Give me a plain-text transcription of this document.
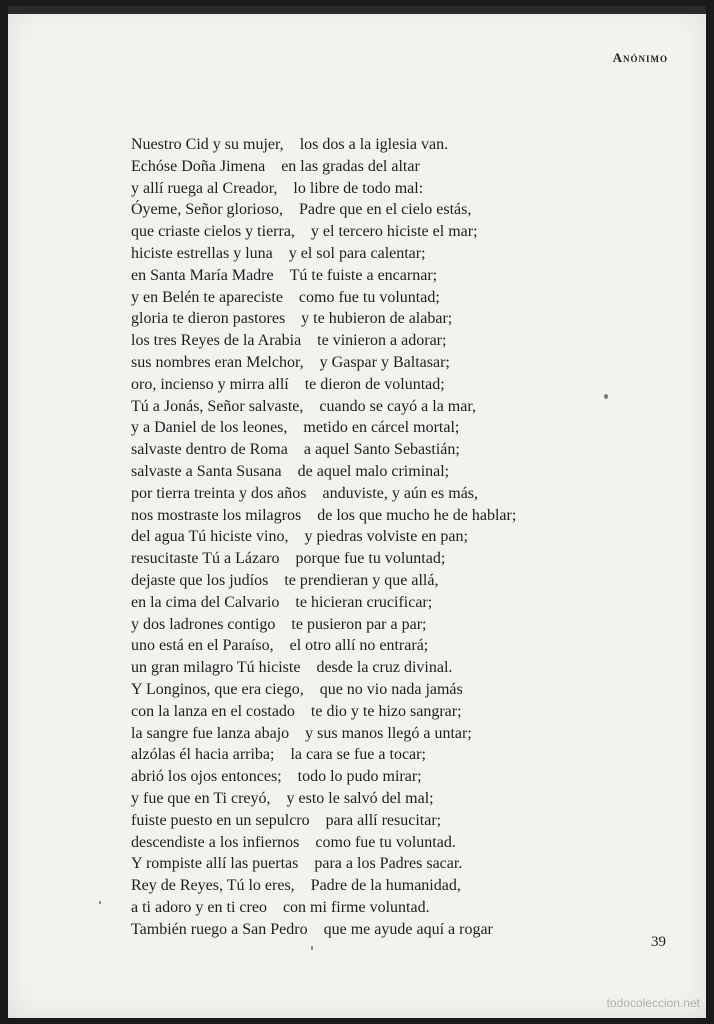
Anónimo
Nuestro Cid y su mujer, los dos a la iglesia van.
Echóse Doña Jimena en las gradas del altar
y allí ruega al Creador, lo libre de todo mal:
Óyeme, Señor glorioso, Padre que en el cielo estás,
que criaste cielos y tierra, y el tercero hiciste el mar;
hiciste estrellas y luna y el sol para calentar;
en Santa María Madre Tú te fuiste a encarnar;
y en Belén te apareciste como fue tu voluntad;
gloria te dieron pastores y te hubieron de alabar;
los tres Reyes de la Arabia te vinieron a adorar;
sus nombres eran Melchor, y Gaspar y Baltasar;
oro, incienso y mirra allí te dieron de voluntad;
Tú a Jonás, Señor salvaste, cuando se cayó a la mar,
y a Daniel de los leones, metido en cárcel mortal;
salvaste dentro de Roma a aquel Santo Sebastián;
salvaste a Santa Susana de aquel malo criminal;
por tierra treinta y dos años anduviste, y aún es más,
nos mostraste los milagros de los que mucho he de hablar;
del agua Tú hiciste vino, y piedras volviste en pan;
resucitaste Tú a Lázaro porque fue tu voluntad;
dejaste que los judíos te prendieran y que allá,
en la cima del Calvario te hicieran crucificar;
y dos ladrones contigo te pusieron par a par;
uno está en el Paraíso, el otro allí no entrará;
un gran milagro Tú hiciste desde la cruz divinal.
Y Longinos, que era ciego, que no vio nada jamás
con la lanza en el costado te dio y te hizo sangrar;
la sangre fue lanza abajo y sus manos llegó a untar;
alzólas él hacia arriba; la cara se fue a tocar;
abrió los ojos entonces; todo lo pudo mirar;
y fue que en Ti creyó, y esto le salvó del mal;
fuiste puesto en un sepulcro para allí resucitar;
descendiste a los infiernos como fue tu voluntad.
Y rompiste allí las puertas para a los Padres sacar.
Rey de Reyes, Tú lo eres, Padre de la humanidad,
a ti adoro y en ti creo con mi firme voluntad.
También ruego a San Pedro que me ayude aquí a rogar
39
todocoleccion.net
